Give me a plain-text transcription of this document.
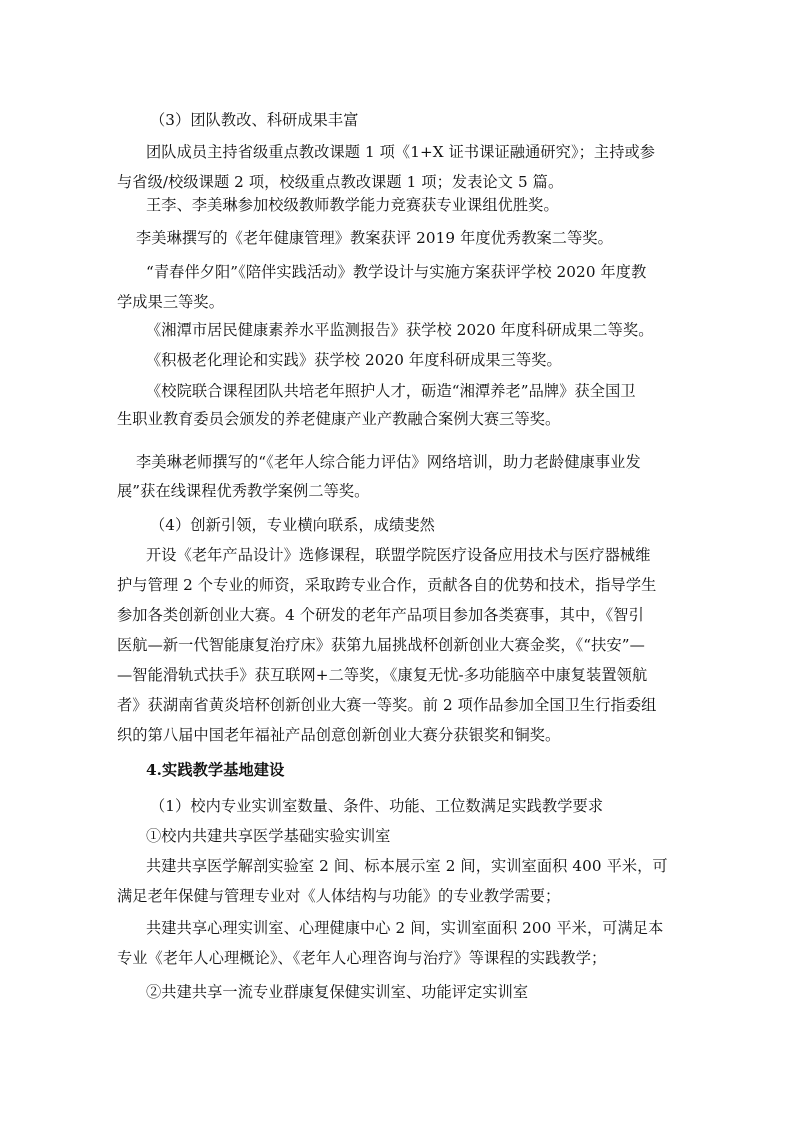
（3）团队教改、科研成果丰富
团队成员主持省级重点教改课题 1 项《1+X 证书课证融通研究》；主持或参
与省级/校级课题 2 项，校级重点教改课题 1 项；发表论文 5 篇。
王李、李美琳参加校级教师教学能力竞赛获专业课组优胜奖。
李美琳撰写的《老年健康管理》教案获评 2019 年度优秀教案二等奖。
“青春伴夕阳”《陪伴实践活动》教学设计与实施方案获评学校 2020 年度教
学成果三等奖。
《湘潭市居民健康素养水平监测报告》获学校 2020 年度科研成果二等奖。
《积极老化理论和实践》获学校 2020 年度科研成果三等奖。
《校院联合课程团队共培老年照护人才，砺造“湘潭养老”品牌》获全国卫
生职业教育委员会颁发的养老健康产业产教融合案例大赛三等奖。
李美琳老师撰写的“《老年人综合能力评估》网络培训，助力老龄健康事业发
展”获在线课程优秀教学案例二等奖。
（4）创新引领，专业横向联系，成绩斐然
开设《老年产品设计》选修课程，联盟学院医疗设备应用技术与医疗器械维
护与管理 2 个专业的师资，采取跨专业合作，贡献各自的优势和技术，指导学生
参加各类创新创业大赛。4 个研发的老年产品项目参加各类赛事，其中，《智引
医航—新一代智能康复治疗床》获第九届挑战杯创新创业大赛金奖，《“扶安”—
—智能滑轨式扶手》获互联网+二等奖，《康复无忧-多功能脑卒中康复装置领航
者》获湖南省黄炎培杯创新创业大赛一等奖。前 2 项作品参加全国卫生行指委组
织的第八届中国老年福祉产品创意创新创业大赛分获银奖和铜奖。
4.实践教学基地建设
（1）校内专业实训室数量、条件、功能、工位数满足实践教学要求
①校内共建共享医学基础实验实训室
共建共享医学解剖实验室 2 间、标本展示室 2 间，实训室面积 400 平米，可
满足老年保健与管理专业对《人体结构与功能》的专业教学需要；
共建共享心理实训室、心理健康中心 2 间，实训室面积 200 平米，可满足本
专业《老年人心理概论》、《老年人心理咨询与治疗》等课程的实践教学；
②共建共享一流专业群康复保健实训室、功能评定实训室
